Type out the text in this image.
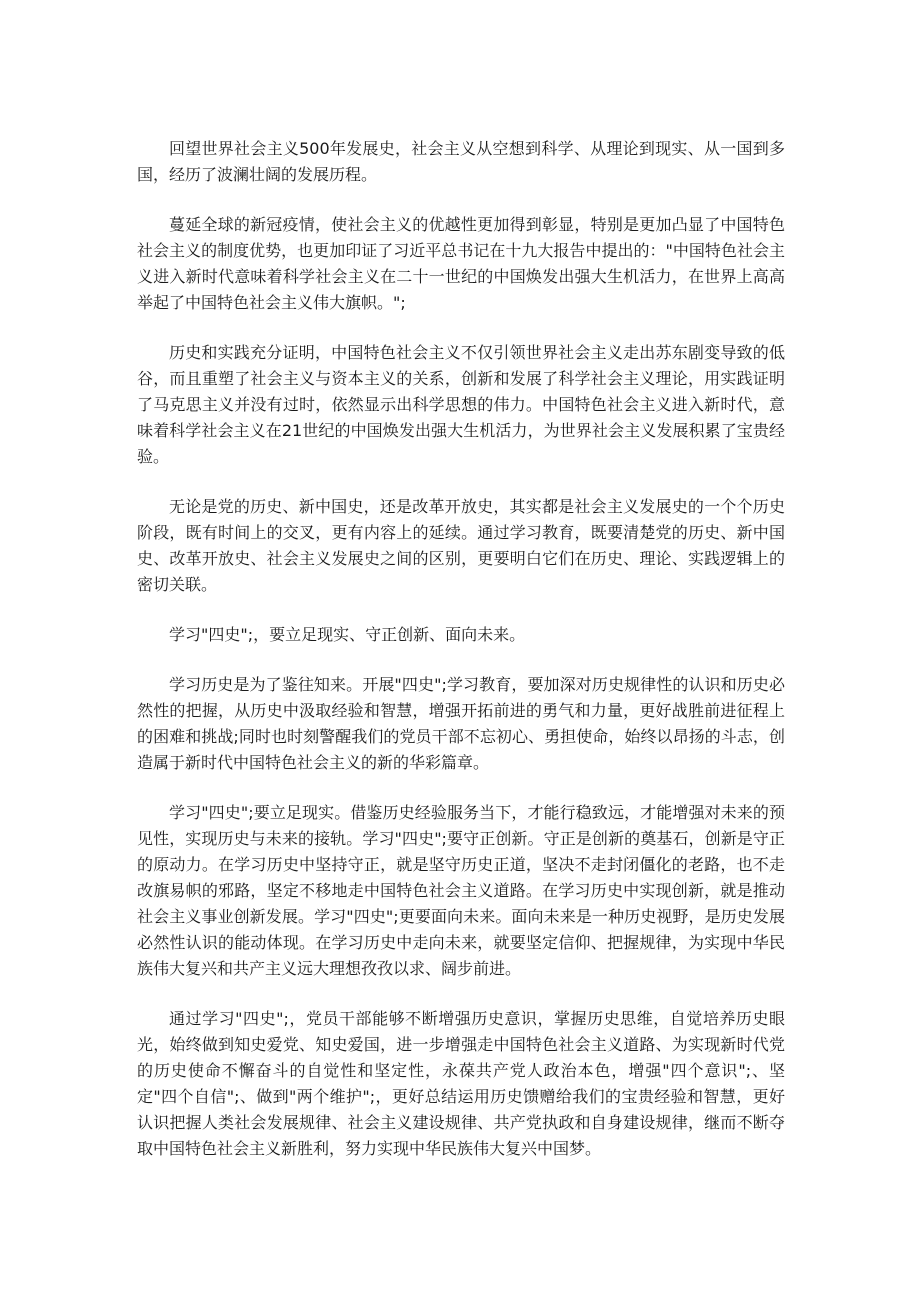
回望世界社会主义500年发展史，社会主义从空想到科学、从理论到现实、从一国到多国，经历了波澜壮阔的发展历程。

蔓延全球的新冠疫情，使社会主义的优越性更加得到彰显，特别是更加凸显了中国特色社会主义的制度优势，也更加印证了习近平总书记在十九大报告中提出的："中国特色社会主义进入新时代意味着科学社会主义在二十一世纪的中国焕发出强大生机活力，在世界上高高举起了中国特色社会主义伟大旗帜。";

历史和实践充分证明，中国特色社会主义不仅引领世界社会主义走出苏东剧变导致的低谷，而且重塑了社会主义与资本主义的关系，创新和发展了科学社会主义理论，用实践证明了马克思主义并没有过时，依然显示出科学思想的伟力。中国特色社会主义进入新时代，意味着科学社会主义在21世纪的中国焕发出强大生机活力，为世界社会主义发展积累了宝贵经验。

无论是党的历史、新中国史，还是改革开放史，其实都是社会主义发展史的一个个历史阶段，既有时间上的交叉，更有内容上的延续。通过学习教育，既要清楚党的历史、新中国史、改革开放史、社会主义发展史之间的区别，更要明白它们在历史、理论、实践逻辑上的密切关联。

学习"四史";，要立足现实、守正创新、面向未来。

学习历史是为了鉴往知来。开展"四史";学习教育，要加深对历史规律性的认识和历史必然性的把握，从历史中汲取经验和智慧，增强开拓前进的勇气和力量，更好战胜前进征程上的困难和挑战;同时也时刻警醒我们的党员干部不忘初心、勇担使命，始终以昂扬的斗志，创造属于新时代中国特色社会主义的新的华彩篇章。

学习"四史";要立足现实。借鉴历史经验服务当下，才能行稳致远，才能增强对未来的预见性，实现历史与未来的接轨。学习"四史";要守正创新。守正是创新的奠基石，创新是守正的原动力。在学习历史中坚持守正，就是坚守历史正道，坚决不走封闭僵化的老路，也不走改旗易帜的邪路，坚定不移地走中国特色社会主义道路。在学习历史中实现创新，就是推动社会主义事业创新发展。学习"四史";更要面向未来。面向未来是一种历史视野，是历史发展必然性认识的能动体现。在学习历史中走向未来，就要坚定信仰、把握规律，为实现中华民族伟大复兴和共产主义远大理想孜孜以求、阔步前进。

通过学习"四史";，党员干部能够不断增强历史意识，掌握历史思维，自觉培养历史眼光，始终做到知史爱党、知史爱国，进一步增强走中国特色社会主义道路、为实现新时代党的历史使命不懈奋斗的自觉性和坚定性，永葆共产党人政治本色，增强"四个意识";、坚定"四个自信";、做到"两个维护";，更好总结运用历史馈赠给我们的宝贵经验和智慧，更好认识把握人类社会发展规律、社会主义建设规律、共产党执政和自身建设规律，继而不断夺取中国特色社会主义新胜利，努力实现中华民族伟大复兴中国梦。
